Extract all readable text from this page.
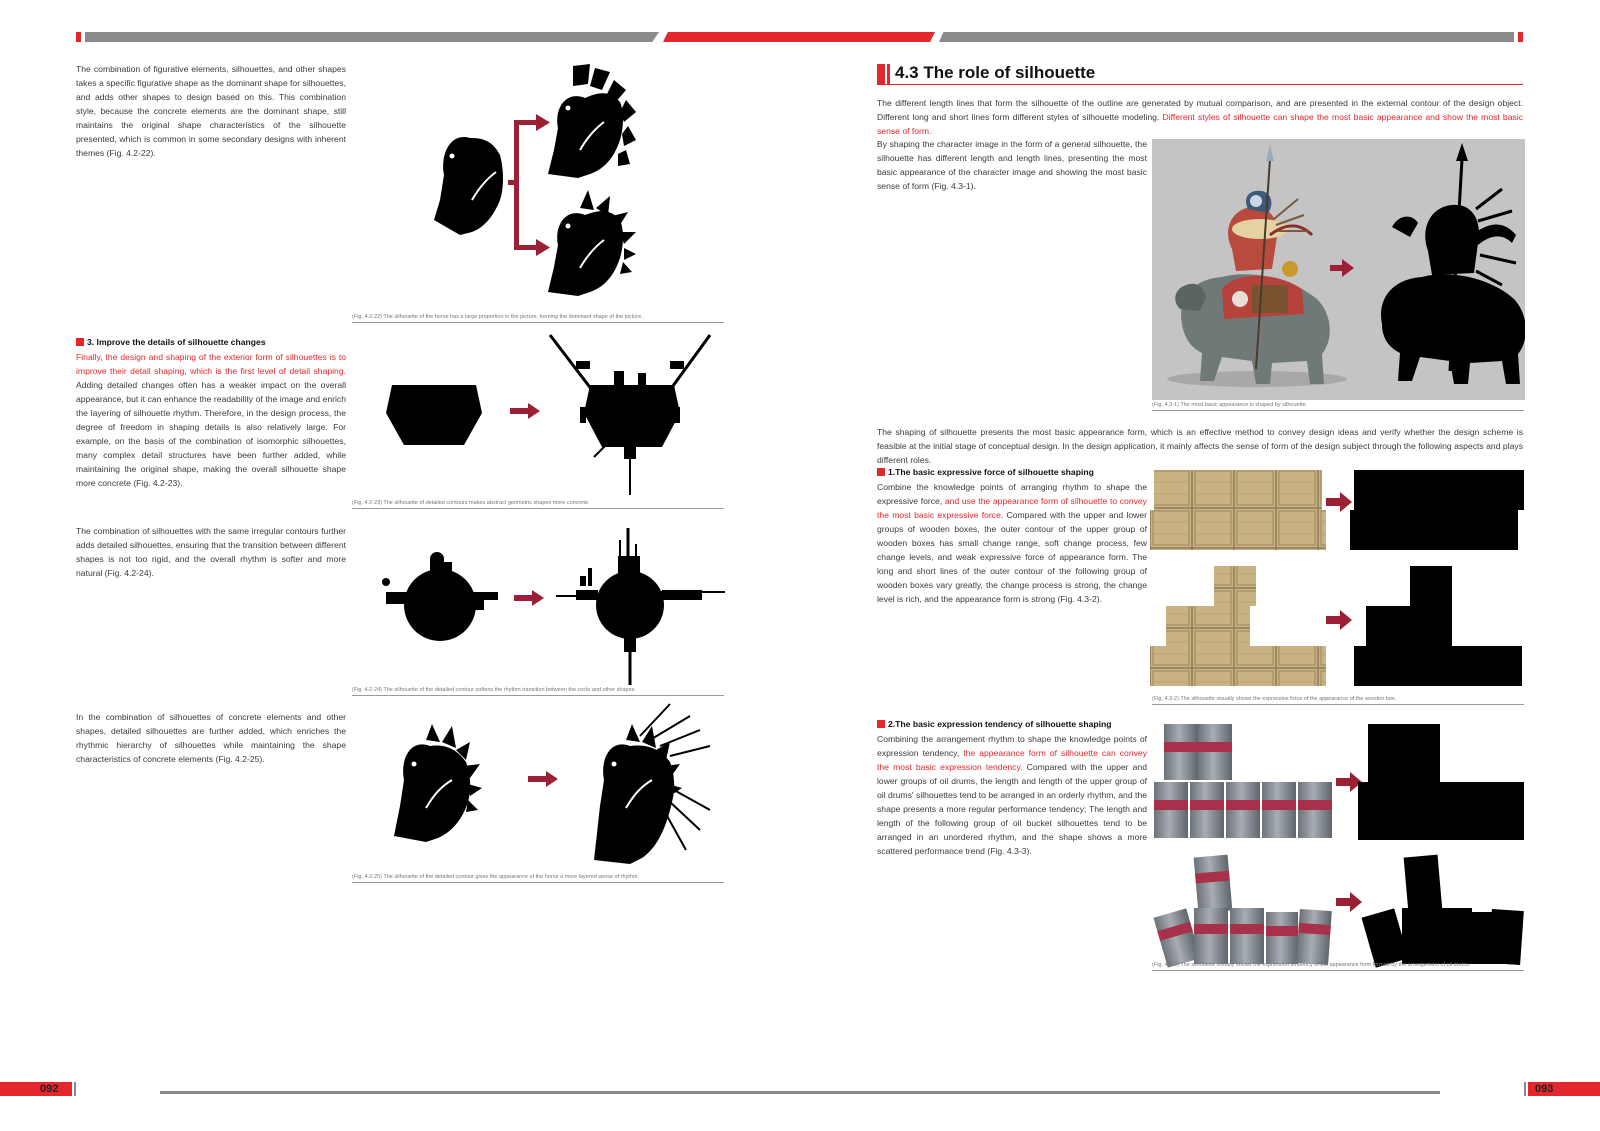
The combination of figurative elements, silhouettes, and other shapes takes a specific figurative shape as the dominant shape for silhouettes, and adds other shapes to design based on this. This combination style, because the concrete elements are the dominant shape, still maintains the original shape characteristics of the silhouette presented, which is common in some secondary designs with inherent themes (Fig. 4.2-22).
(Fig. 4.2-22) The silhouette of the horse has a large proportion in the picture, forming the dominant shape of the picture.
3. Improve the details of silhouette changes
Finally, the design and shaping of the exterior form of silhouettes is to improve their detail shaping, which is the first level of detail shaping. Adding detailed changes often has a weaker impact on the overall appearance, but it can enhance the readability of the image and enrich the layering of silhouette rhythm. Therefore, in the design process, the degree of freedom in shaping details is also relatively large. For example, on the basis of the combination of isomorphic silhouettes, many complex detail structures have been further added, while maintaining the original shape, making the overall silhouette shape more concrete (Fig. 4.2-23).
(Fig. 4.2-23) The silhouette of detailed contours makes abstract geometric shapes more concrete.
The combination of silhouettes with the same irregular contours further adds detailed silhouettes, ensuring that the transition between different shapes is not too rigid, and the overall rhythm is softer and more natural (Fig. 4.2-24).
(Fig. 4.2-24) The silhouette of the detailed contour softens the rhythm transition between the circle and other shapes.
In the combination of silhouettes of concrete elements and other shapes, detailed silhouettes are further added, which enriches the rhythmic hierarchy of silhouettes while maintaining the shape characteristics of concrete elements (Fig. 4.2-25).
(Fig. 4.2-25) The silhouette of the detailed contour gives the appearance of the horse a more layered sense of rhythm.
4.3 The role of silhouette
The different length lines that form the silhouette of the outline are generated by mutual comparison, and are presented in the external contour of the design object. Different long and short lines form different styles of silhouette modeling. Different styles of silhouette can shape the most basic appearance and show the most basic sense of form.
By shaping the character image in the form of a general silhouette, the silhouette has different length and length lines, presenting the most basic appearance of the character image and showing the most basic sense of form (Fig. 4.3-1).
(Fig. 4.3-1) The most basic appearance is shaped by silhouette.
The shaping of silhouette presents the most basic appearance form, which is an effective method to convey design ideas and verify whether the design scheme is feasible at the initial stage of conceptual design. In the design application, it mainly affects the sense of form of the design subject through the following aspects and plays different roles.
1.The basic expressive force of silhouette shaping
Combine the knowledge points of arranging rhythm to shape the expressive force, and use the appearance form of silhouette to convey the most basic expressive force. Compared with the upper and lower groups of wooden boxes, the outer contour of the upper group of wooden boxes has small change range, soft change process, few change levels, and weak expressive force of appearance form. The long and short lines of the outer contour of the following group of wooden boxes vary greatly, the change process is strong, the change level is rich, and the appearance form is strong (Fig. 4.3-2).
(Fig. 4.3-2) The silhouette visually shows the expressive force of the appearance of the wooden box.
2.The basic expression tendency of silhouette shaping
Combining the arrangement rhythm to shape the knowledge points of expression tendency, the appearance form of silhouette can convey the most basic expression tendency. Compared with the upper and lower groups of oil drums, the length and length of the upper group of oil drums' silhouettes tend to be arranged in an orderly rhythm, and the shape presents a more regular performance tendency; The length and length of the following group of oil bucket silhouettes tend to be arranged in an unordered rhythm, and the shape shows a more scattered performance trend (Fig. 4.3-3).
(Fig. 4.3-3) The silhouette visually shows the expression tendency of the appearance form formed by the arrangement of oil drums.
092	093
